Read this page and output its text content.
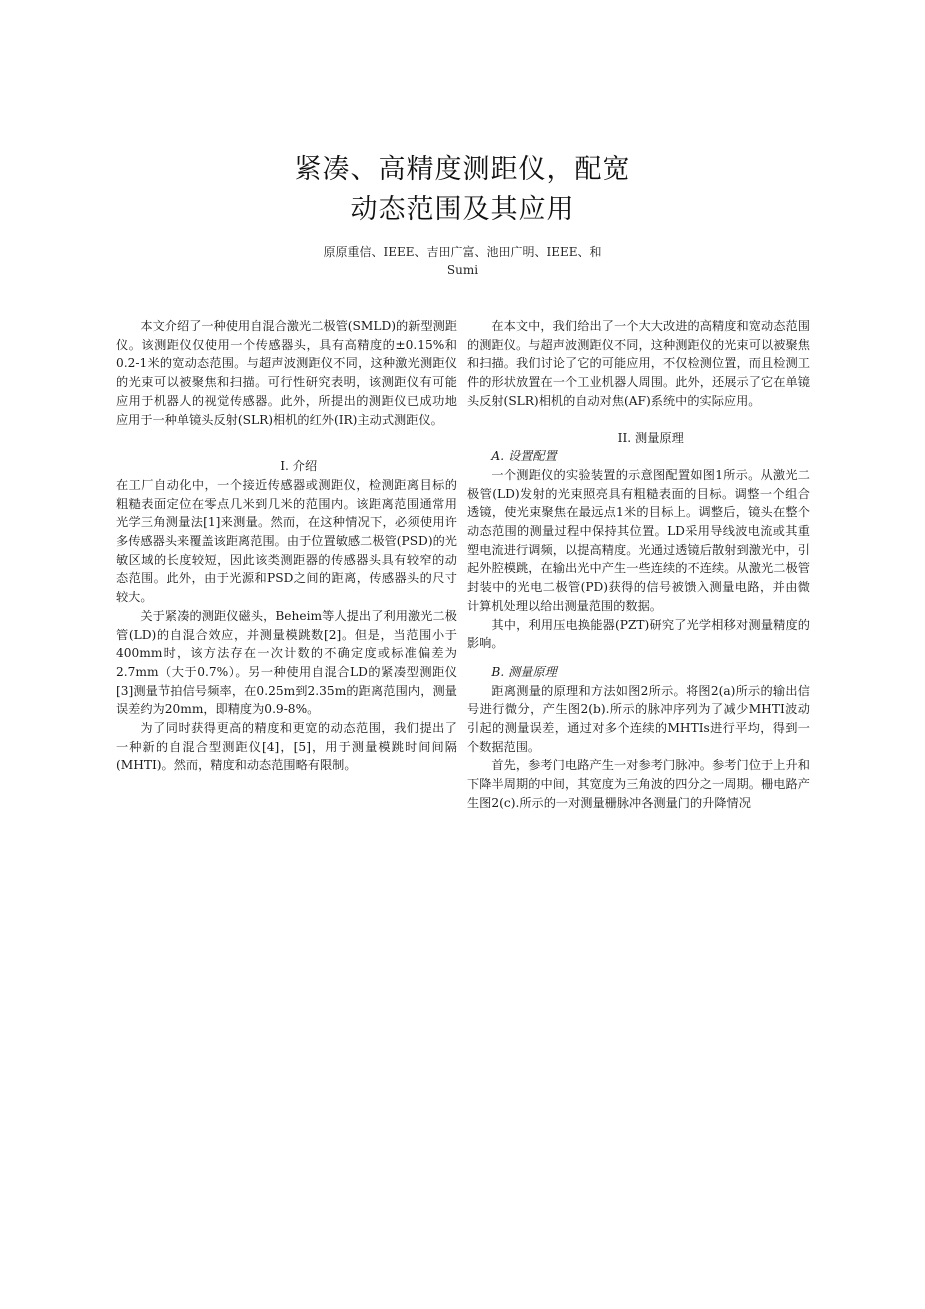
紧凑、高精度测距仪，配宽
动态范围及其应用
原原重信、IEEE、吉田广富、池田广明、IEEE、和
Sumi

本文介绍了一种使用自混合激光二极管(SMLD)的新型测距仪。该测距仪仅使用一个传感器头，具有高精度的±0.15%和0.2-1米的宽动态范围。与超声波测距仪不同，这种激光测距仪的光束可以被聚焦和扫描。可行性研究表明，该测距仪有可能应用于机器人的视觉传感器。此外，所提出的测距仪已成功地应用于一种单镜头反射(SLR)相机的红外(IR)主动式测距仪。

I. 介绍

在工厂自动化中，一个接近传感器或测距仪，检测距离目标的粗糙表面定位在零点几米到几米的范围内。该距离范围通常用光学三角测量法[1]来测量。然而，在这种情况下，必须使用许多传感器头来覆盖该距离范围。由于位置敏感二极管(PSD)的光敏区域的长度较短，因此该类测距器的传感器头具有较窄的动态范围。此外，由于光源和PSD之间的距离，传感器头的尺寸较大。

关于紧凑的测距仪磁头，Beheim等人提出了利用激光二极管(LD)的自混合效应，并测量模跳数[2]。但是，当范围小于400mm时，该方法存在一次计数的不确定度或标准偏差为2.7mm（大于0.7%）。另一种使用自混合LD的紧凑型测距仪[3]测量节拍信号频率，在0.25m到2.35m的距离范围内，测量误差约为20mm，即精度为0.9-8%。

为了同时获得更高的精度和更宽的动态范围，我们提出了一种新的自混合型测距仪[4]，[5]，用于测量模跳时间间隔(MHTI)。然而，精度和动态范围略有限制。

在本文中，我们给出了一个大大改进的高精度和宽动态范围的测距仪。与超声波测距仪不同，这种测距仪的光束可以被聚焦和扫描。我们讨论了它的可能应用，不仅检测位置，而且检测工件的形状放置在一个工业机器人周围。此外，还展示了它在单镜头反射(SLR)相机的自动对焦(AF)系统中的实际应用。

II. 测量原理

A. 设置配置

一个测距仪的实验装置的示意图配置如图1所示。从激光二极管(LD)发射的光束照亮具有粗糙表面的目标。调整一个组合透镜，使光束聚焦在最远点1米的目标上。调整后，镜头在整个动态范围的测量过程中保持其位置。LD采用导线波电流或其重塑电流进行调频，以提高精度。光通过透镜后散射到激光中，引起外腔模跳，在输出光中产生一些连续的不连续。从激光二极管封装中的光电二极管(PD)获得的信号被馈入测量电路，并由微计算机处理以给出测量范围的数据。

其中，利用压电换能器(PZT)研究了光学相移对测量精度的影响。

B. 测量原理

距离测量的原理和方法如图2所示。将图2(a)所示的输出信号进行微分，产生图2(b).所示的脉冲序列为了减少MHTI波动引起的测量误差，通过对多个连续的MHTIs进行平均，得到一个数据范围。

首先，参考门电路产生一对参考门脉冲。参考门位于上升和下降半周期的中间，其宽度为三角波的四分之一周期。栅电路产生图2(c).所示的一对测量栅脉冲各测量门的升降情况
